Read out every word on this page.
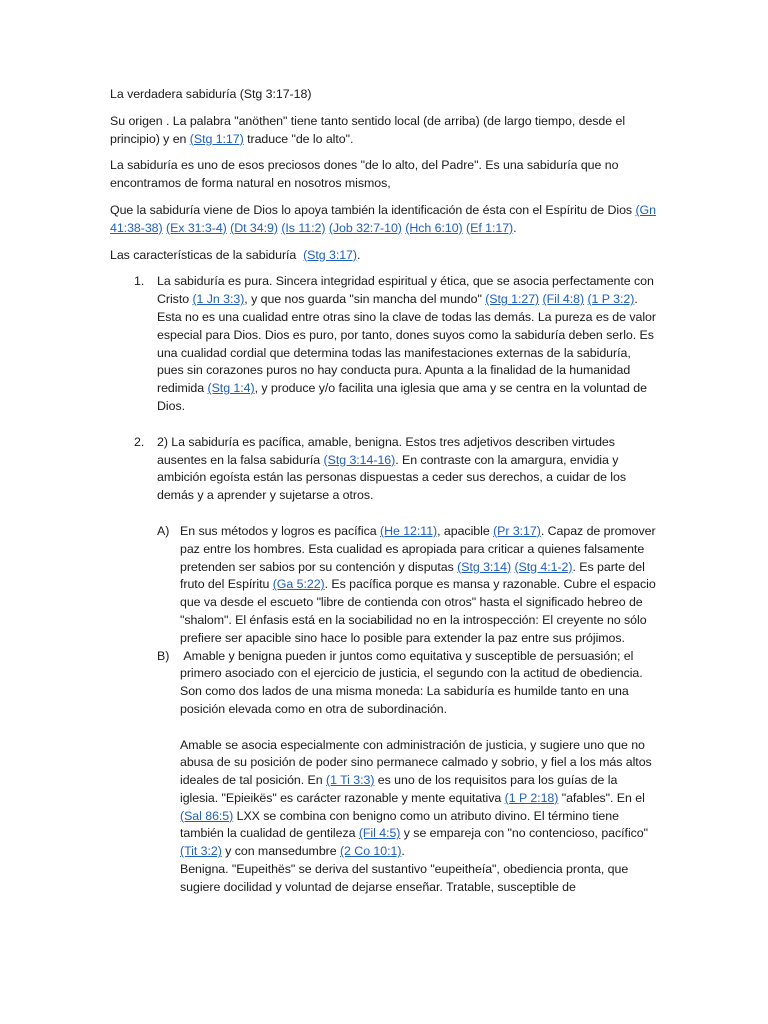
La verdadera sabiduría (Stg 3:17-18)

Su origen . La palabra "anöthen" tiene tanto sentido local (de arriba) (de largo tiempo, desde el principio) y en (Stg 1:17) traduce "de lo alto".

La sabiduría es uno de esos preciosos dones "de lo alto, del Padre". Es una sabiduría que no encontramos de forma natural en nosotros mismos,

Que la sabiduría viene de Dios lo apoya también la identificación de ésta con el Espíritu de Dios (Gn 41:38-38) (Ex 31:3-4) (Dt 34:9) (Is 11:2) (Job 32:7-10) (Hch 6:10) (Ef 1:17).

Las características de la sabiduría  (Stg 3:17).

1. La sabiduría es pura. Sincera integridad espiritual y ética, que se asocia perfectamente con Cristo (1 Jn 3:3), y que nos guarda "sin mancha del mundo" (Stg 1:27) (Fil 4:8) (1 P 3:2). Esta no es una cualidad entre otras sino la clave de todas las demás. La pureza es de valor especial para Dios. Dios es puro, por tanto, dones suyos como la sabiduría deben serlo. Es una cualidad cordial que determina todas las manifestaciones externas de la sabiduría, pues sin corazones puros no hay conducta pura. Apunta a la finalidad de la humanidad redimida (Stg 1:4), y produce y/o facilita una iglesia que ama y se centra en la voluntad de Dios.
2. 2) La sabiduría es pacífica, amable, benigna. Estos tres adjetivos describen virtudes ausentes en la falsa sabiduría (Stg 3:14-16). En contraste con la amargura, envidia y ambición egoísta están las personas dispuestas a ceder sus derechos, a cuidar de los demás y a aprender y sujetarse a otros.
A) En sus métodos y logros es pacífica (He 12:11), apacible (Pr 3:17). Capaz de promover paz entre los hombres. Esta cualidad es apropiada para criticar a quienes falsamente pretenden ser sabios por su contención y disputas (Stg 3:14) (Stg 4:1-2). Es parte del fruto del Espíritu (Ga 5:22). Es pacífica porque es mansa y razonable. Cubre el espacio que va desde el escueto "libre de contienda con otros" hasta el significado hebreo de "shalom". El énfasis está en la sociabilidad no en la introspección: El creyente no sólo prefiere ser apacible sino hace lo posible para extender la paz entre sus prójimos.
B) Amable y benigna pueden ir juntos como equitativa y susceptible de persuasión; el primero asociado con el ejercicio de justicia, el segundo con la actitud de obediencia. Son como dos lados de una misma moneda: La sabiduría es humilde tanto en una posición elevada como en otra de subordinación.
Amable se asocia especialmente con administración de justicia, y sugiere uno que no abusa de su posición de poder sino permanece calmado y sobrio, y fiel a los más altos ideales de tal posición. En (1 Ti 3:3) es uno de los requisitos para los guías de la iglesia. "Epieikës" es carácter razonable y mente equitativa (1 P 2:18) "afables". En el (Sal 86:5) LXX se combina con benigno como un atributo divino. El término tiene también la cualidad de gentileza (Fil 4:5) y se empareja con "no contencioso, pacífico" (Tit 3:2) y con mansedumbre (2 Co 10:1).
Benigna. "Eupeithës" se deriva del sustantivo "eupeitheía", obediencia pronta, que sugiere docilidad y voluntad de dejarse enseñar. Tratable, susceptible de
